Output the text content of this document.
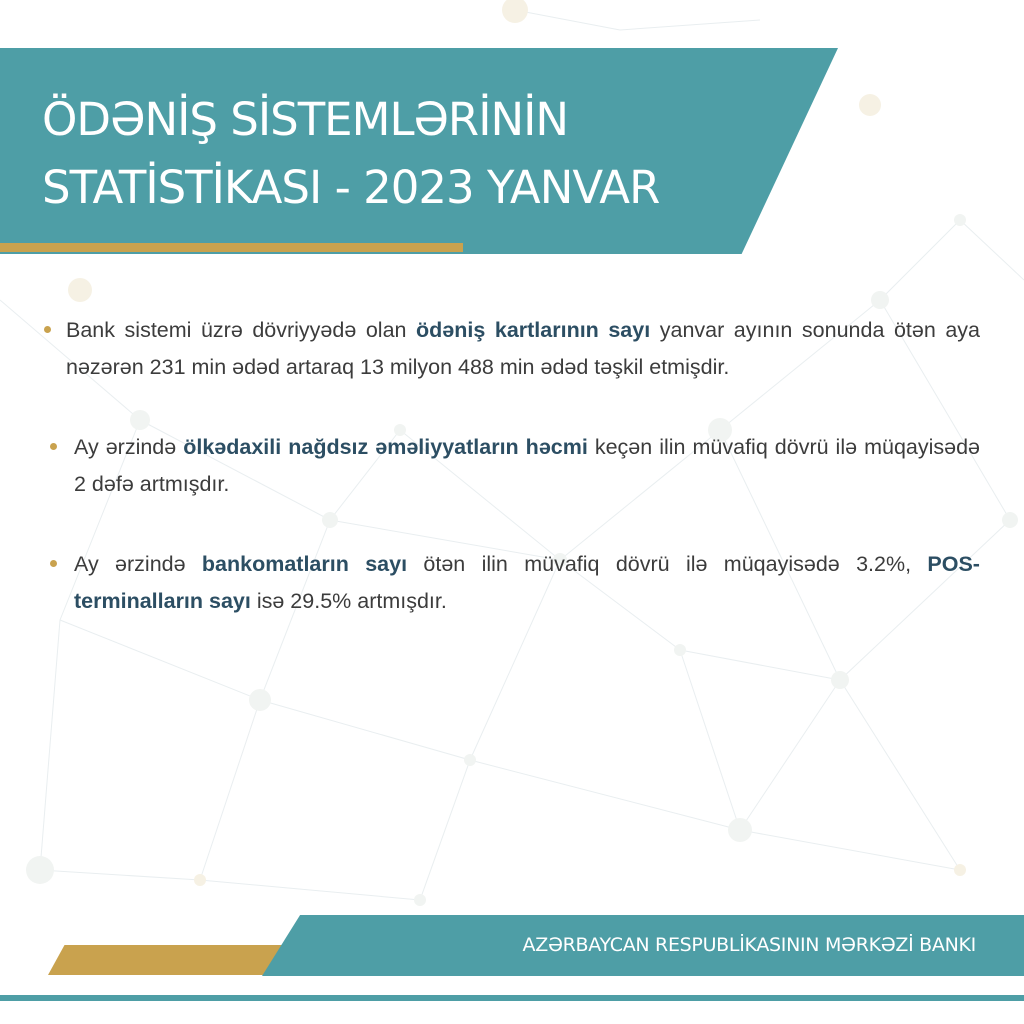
ÖDƏNİŞ SİSTEMLƏRİNİN
STATİSTİKASI - 2023 YANVAR
Bank sistemi üzrə dövriyyədə olan ödəniş kartlarının sayı yanvar ayının sonunda ötən aya nəzərən 231 min ədəd artaraq 13 milyon 488 min ədəd təşkil etmişdir.
Ay ərzində ölkədaxili nağdsız əməliyyatların həcmi keçən ilin müvafiq dövrü ilə müqayisədə 2 dəfə artmışdır.
Ay ərzində bankomatların sayı ötən ilin müvafiq dövrü ilə müqayisədə 3.2%, POS-terminalların sayı isə 29.5% artmışdır.
AZƏRBAYCAN RESPUBLİKASININ MƏRKƏZİ BANKI
